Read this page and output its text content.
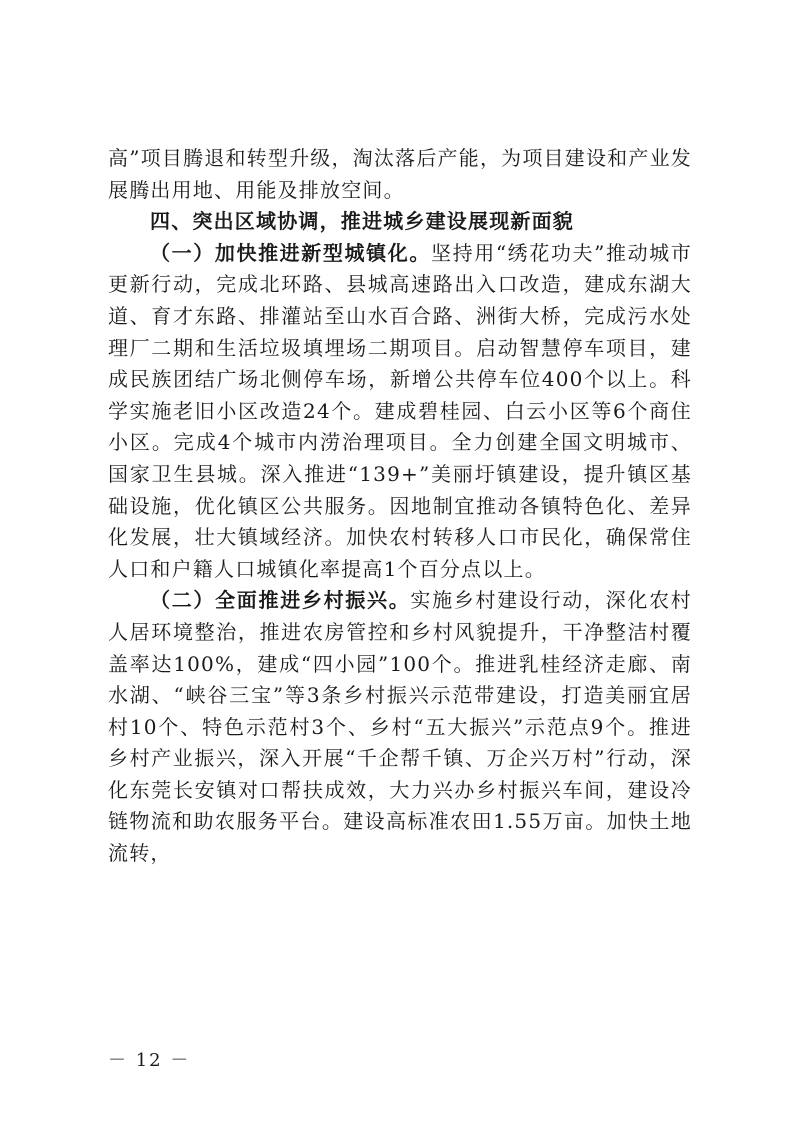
高”项目腾退和转型升级，淘汰落后产能，为项目建设和产业发展腾出用地、用能及排放空间。

四、突出区域协调，推进城乡建设展现新面貌

（一）加快推进新型城镇化。坚持用“绣花功夫”推动城市更新行动，完成北环路、县城高速路出入口改造，建成东湖大道、育才东路、排灌站至山水百合路、洲街大桥，完成污水处理厂二期和生活垃圾填埋场二期项目。启动智慧停车项目，建成民族团结广场北侧停车场，新增公共停车位400个以上。科学实施老旧小区改造24个。建成碧桂园、白云小区等6个商住小区。完成4个城市内涝治理项目。全力创建全国文明城市、国家卫生县城。深入推进“139+”美丽圩镇建设，提升镇区基础设施，优化镇区公共服务。因地制宜推动各镇特色化、差异化发展，壮大镇域经济。加快农村转移人口市民化，确保常住人口和户籍人口城镇化率提高1个百分点以上。

（二）全面推进乡村振兴。实施乡村建设行动，深化农村人居环境整治，推进农房管控和乡村风貌提升，干净整洁村覆盖率达100%，建成“四小园”100个。推进乳桂经济走廊、南水湖、“峡谷三宝”等3条乡村振兴示范带建设，打造美丽宜居村10个、特色示范村3个、乡村“五大振兴”示范点9个。推进乡村产业振兴，深入开展“千企帮千镇、万企兴万村”行动，深化东莞长安镇对口帮扶成效，大力兴办乡村振兴车间，建设冷链物流和助农服务平台。建设高标准农田1.55万亩。加快土地流转，

－ 12 －
